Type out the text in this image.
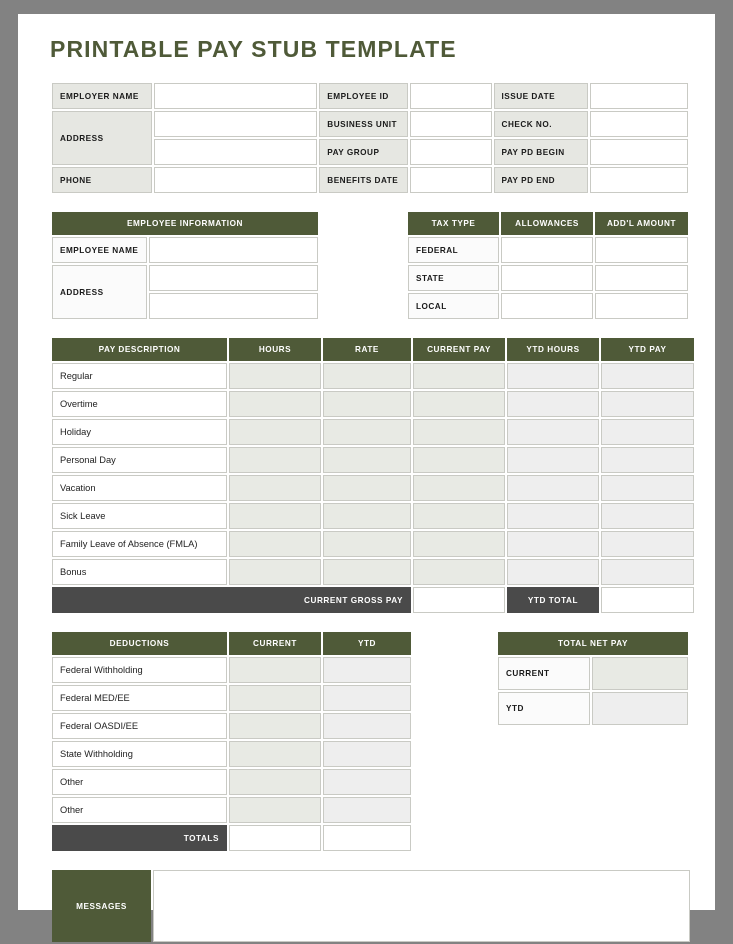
PRINTABLE PAY STUB TEMPLATE
EMPLOYER NAME		EMPLOYEE ID		ISSUE DATE	
ADDRESS		BUSINESS UNIT		CHECK NO.	
		PAY GROUP		PAY PD BEGIN	
PHONE		BENEFITS DATE		PAY PD END	
EMPLOYEE INFORMATION	
EMPLOYEE NAME	
ADDRESS	

TAX TYPE	ALLOWANCES	ADD'L AMOUNT
FEDERAL		
STATE		
LOCAL		
PAY DESCRIPTION	HOURS	RATE	CURRENT PAY	YTD HOURS	YTD PAY
Regular					
Overtime					
Holiday					
Personal Day					
Vacation					
Sick Leave					
Family Leave of Absence (FMLA)					
Bonus					
CURRENT GROSS PAY				YTD TOTAL	
DEDUCTIONS	CURRENT	YTD
Federal Withholding		
Federal MED/EE		
Federal OASDI/EE		
State Withholding		
Other		
Other		
TOTALS		
TOTAL NET PAY	
CURRENT	
YTD	
MESSAGES	
